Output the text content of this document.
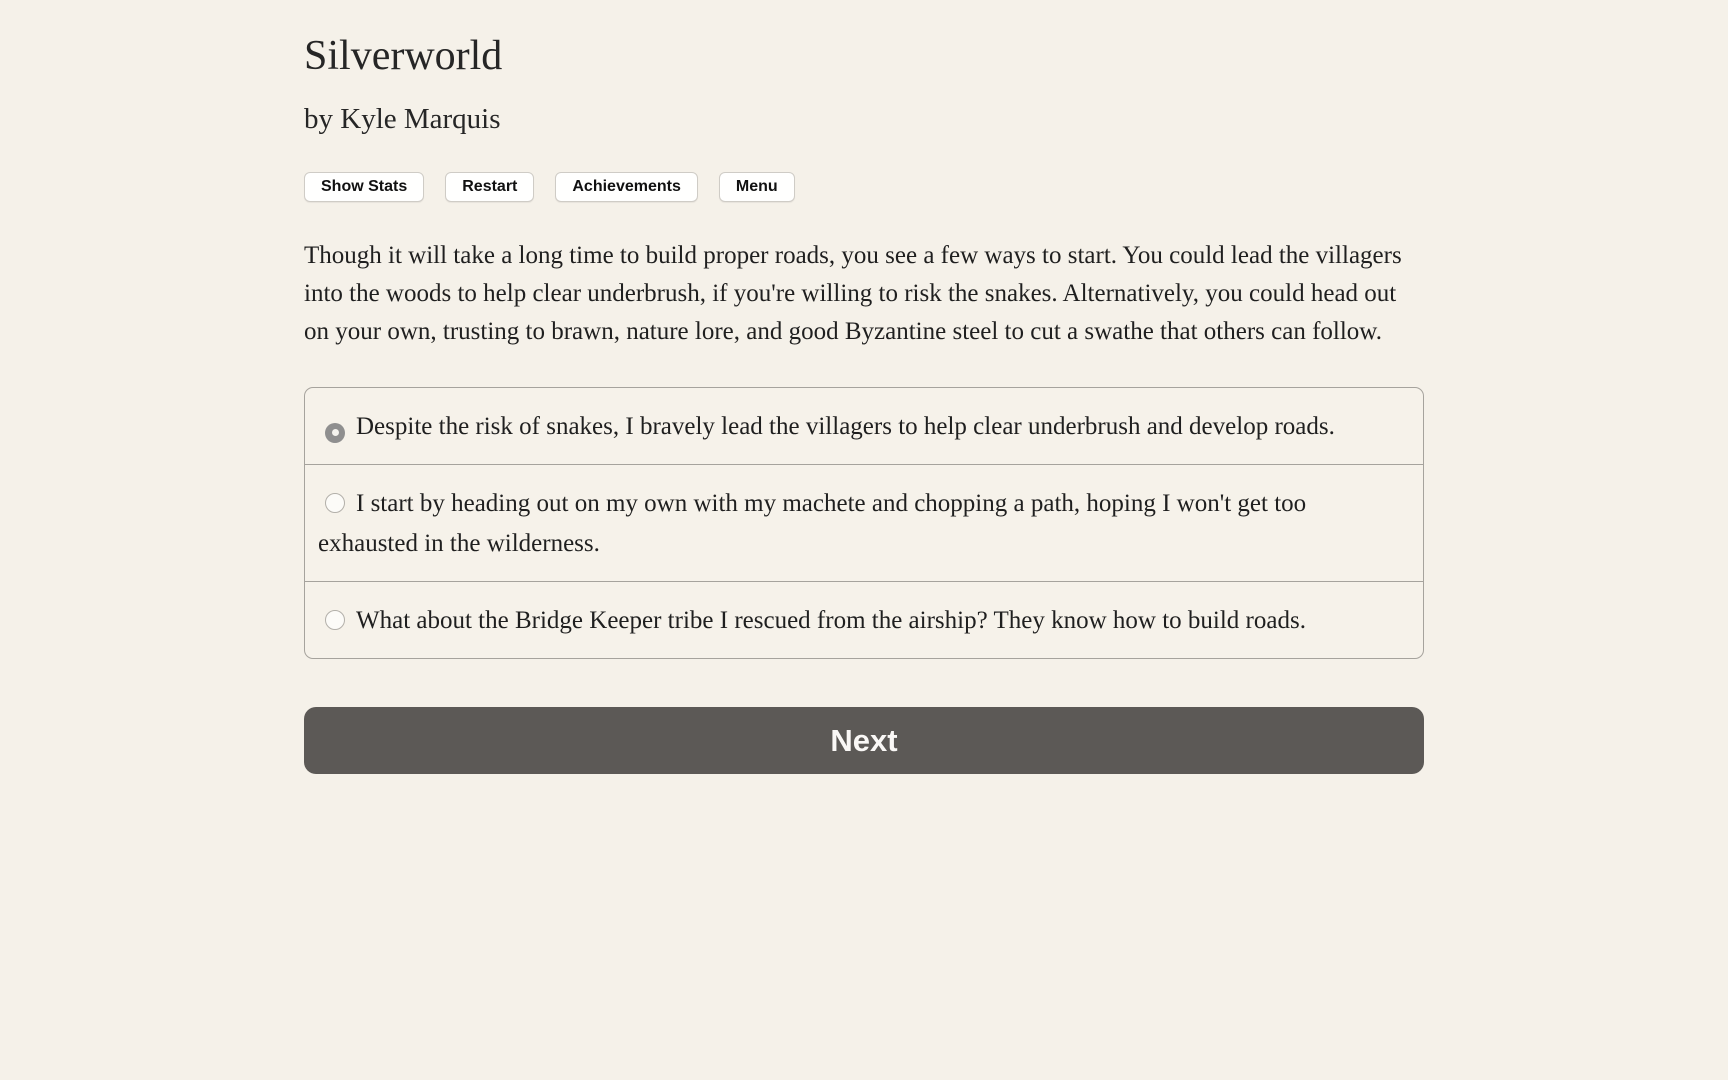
Silverworld
by Kyle Marquis
Show Stats	Restart	Achievements	Menu

Though it will take a long time to build proper roads, you see a few ways to start. You could lead the villagers into the woods to help clear underbrush, if you're willing to risk the snakes. Alternatively, you could head out on your own, trusting to brawn, nature lore, and good Byzantine steel to cut a swathe that others can follow.

Despite the risk of snakes, I bravely lead the villagers to help clear underbrush and develop roads.
I start by heading out on my own with my machete and chopping a path, hoping I won't get too exhausted in the wilderness.
What about the Bridge Keeper tribe I rescued from the airship? They know how to build roads.
Next
